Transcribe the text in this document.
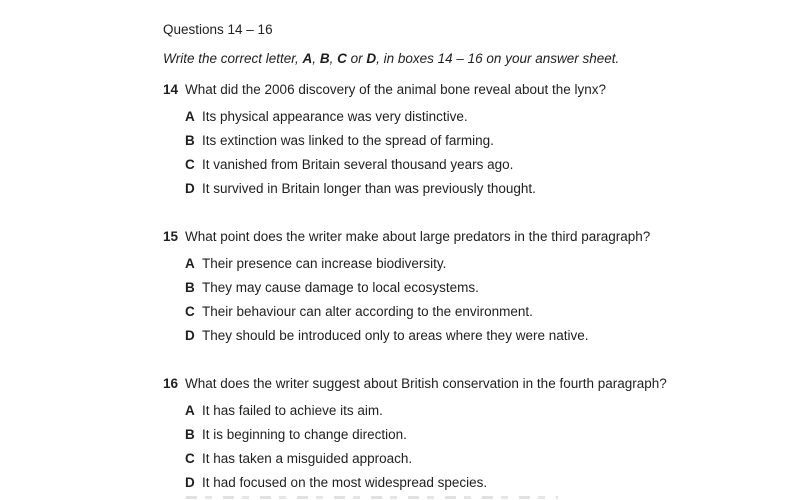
Questions 14 – 16
Write the correct letter, A, B, C or D, in boxes 14 – 16 on your answer sheet.
14 What did the 2006 discovery of the animal bone reveal about the lynx?
A Its physical appearance was very distinctive.
B Its extinction was linked to the spread of farming.
C It vanished from Britain several thousand years ago.
D It survived in Britain longer than was previously thought.
15 What point does the writer make about large predators in the third paragraph?
A Their presence can increase biodiversity.
B They may cause damage to local ecosystems.
C Their behaviour can alter according to the environment.
D They should be introduced only to areas where they were native.
16 What does the writer suggest about British conservation in the fourth paragraph?
A It has failed to achieve its aim.
B It is beginning to change direction.
C It has taken a misguided approach.
D It had focused on the most widespread species.
